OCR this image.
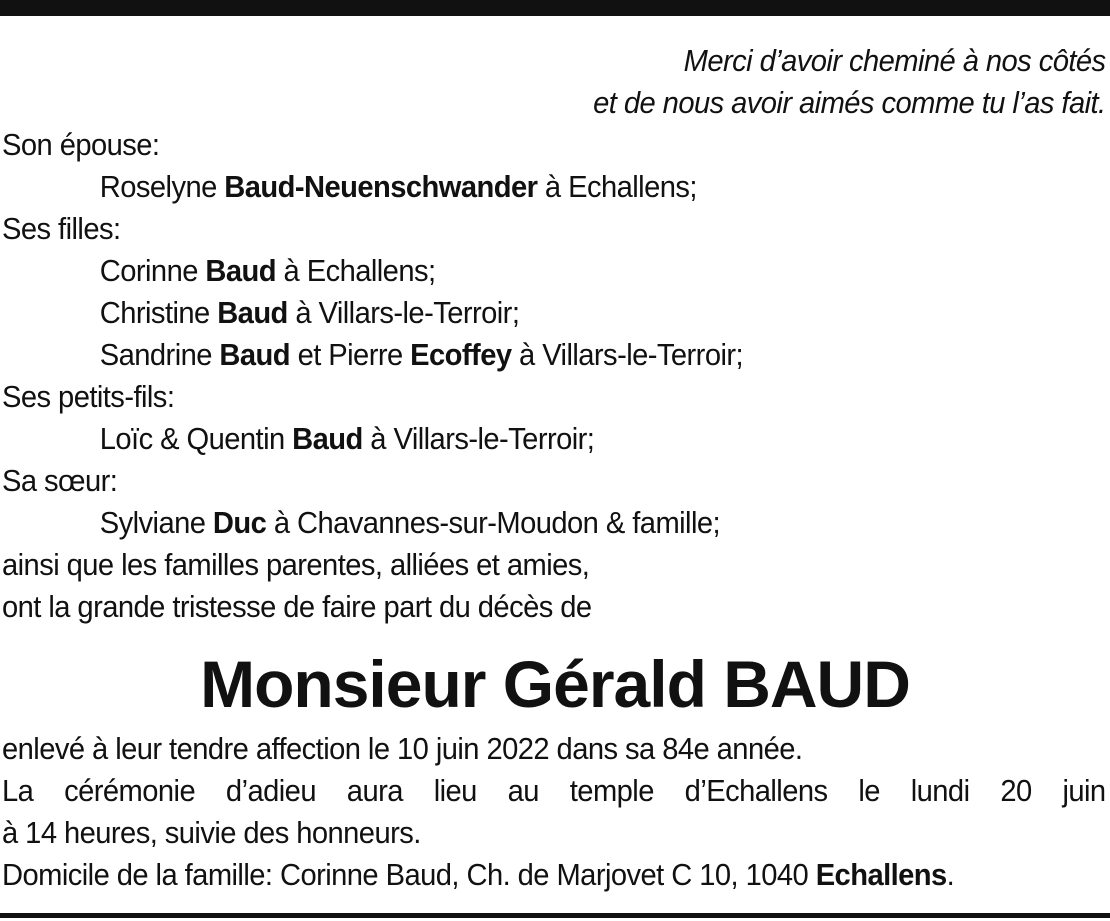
Merci d’avoir cheminé à nos côtés
et de nous avoir aimés comme tu l’as fait.
Son épouse:
Roselyne Baud-Neuenschwander à Echallens;
Ses filles:
Corinne Baud à Echallens;
Christine Baud à Villars-le-Terroir;
Sandrine Baud et Pierre Ecoffey à Villars-le-Terroir;
Ses petits-fils:
Loïc & Quentin Baud à Villars-le-Terroir;
Sa sœur:
Sylviane Duc à Chavannes-sur-Moudon & famille;
ainsi que les familles parentes, alliées et amies,
ont la grande tristesse de faire part du décès de
Monsieur Gérald BAUD
enlevé à leur tendre affection le 10 juin 2022 dans sa 84e année.
La cérémonie d’adieu aura lieu au temple d’Echallens le lundi 20 juin
à 14 heures, suivie des honneurs.
Domicile de la famille: Corinne Baud, Ch. de Marjovet C 10, 1040 Echallens.
